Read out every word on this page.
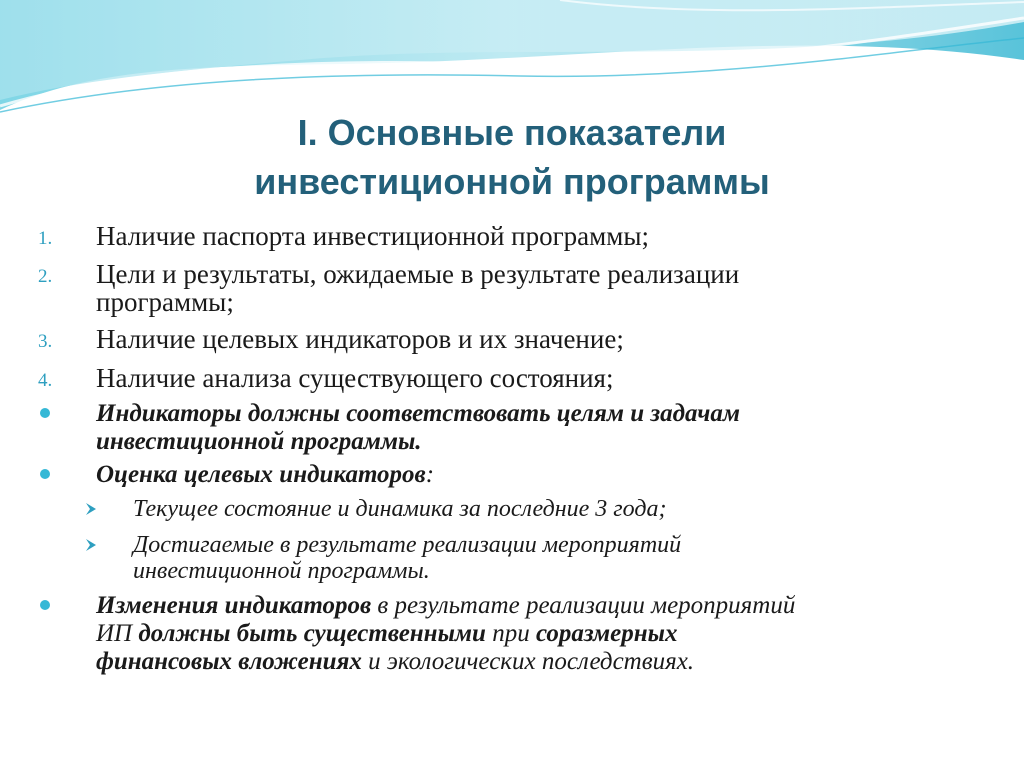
I. Основные показатели
инвестиционной программы
1.	Наличие паспорта инвестиционной программы;
2.	Цели и результаты, ожидаемые в результате реализации
программы;
3.	Наличие целевых индикаторов и их значение;
4.	Наличие анализа существующего состояния;
Индикаторы должны соответствовать целям и задачам
инвестиционной программы.
Оценка целевых индикаторов:
Текущее состояние и динамика за последние 3 года;
Достигаемые в результате реализации мероприятий
инвестиционной программы.
Изменения индикаторов в результате реализации мероприятий
ИП должны быть существенными при соразмерных
финансовых вложениях и экологических последствиях.
